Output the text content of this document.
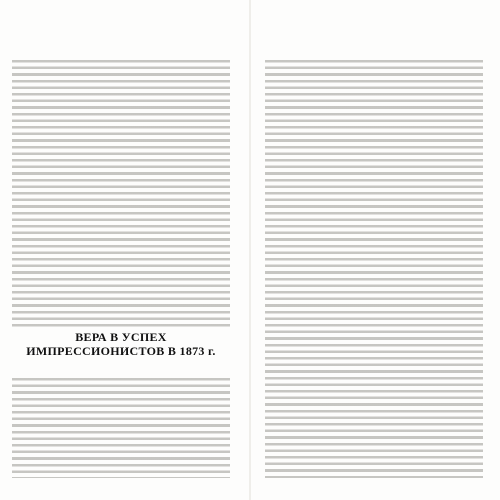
ВЕРА В УСПЕХ
ИМПРЕССИОНИСТОВ В 1873 г.
